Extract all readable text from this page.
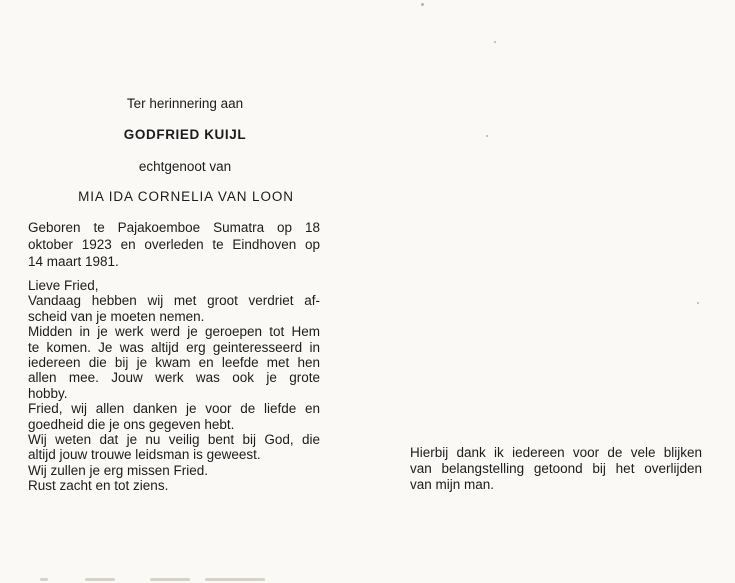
Ter herinnering aan
GODFRIED KUIJL
echtgenoot van
MIA IDA CORNELIA VAN LOON
Geboren te Pajakoemboe Sumatra op 18
oktober 1923 en overleden te Eindhoven op
14 maart 1981.
Lieve Fried,
Vandaag hebben wij met groot verdriet af-
scheid van je moeten nemen.
Midden in je werk werd je geroepen tot Hem
te komen. Je was altijd erg geinteresseerd in
iedereen die bij je kwam en leefde met hen
allen mee. Jouw werk was ook je grote
hobby.
Fried, wij allen danken je voor de liefde en
goedheid die je ons gegeven hebt.
Wij weten dat je nu veilig bent bij God, die
altijd jouw trouwe leidsman is geweest.
Wij zullen je erg missen Fried.
Rust zacht en tot ziens.
Hierbij dank ik iedereen voor de vele blijken
van belangstelling getoond bij het overlijden
van mijn man.
